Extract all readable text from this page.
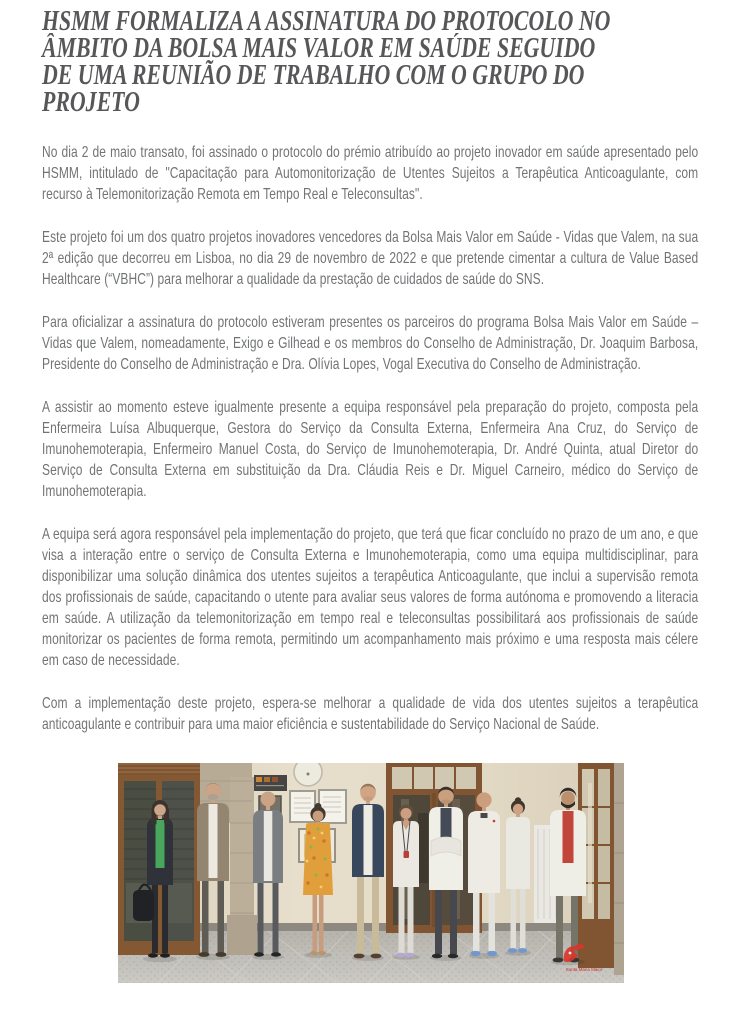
HSMM FORMALIZA A ASSINATURA DO PROTOCOLO NO
ÂMBITO DA BOLSA MAIS VALOR EM SAÚDE SEGUIDO
DE UMA REUNIÃO DE TRABALHO COM O GRUPO DO
PROJETO

No dia 2 de maio transato, foi assinado o protocolo do prémio atribuído ao projeto inovador em saúde apresentado pelo HSMM, intitulado de "Capacitação para Automonitorização de Utentes Sujeitos a Terapêutica Anticoagulante, com recurso à Telemonitorização Remota em Tempo Real e Teleconsultas".

Este projeto foi um dos quatro projetos inovadores vencedores da Bolsa Mais Valor em Saúde - Vidas que Valem, na sua 2ª edição que decorreu em Lisboa, no dia 29 de novembro de 2022 e que pretende cimentar a cultura de Value Based Healthcare (“VBHC”) para melhorar a qualidade da prestação de cuidados de saúde do SNS.

Para oficializar a assinatura do protocolo estiveram presentes os parceiros do programa Bolsa Mais Valor em Saúde – Vidas que Valem, nomeadamente, Exigo e Gilhead e os membros do Conselho de Administração, Dr. Joaquim Barbosa, Presidente do Conselho de Administração e Dra. Olívia Lopes, Vogal Executiva do Conselho de Administração.

A assistir ao momento esteve igualmente presente a equipa responsável pela preparação do projeto, composta pela Enfermeira Luísa Albuquerque, Gestora do Serviço da Consulta Externa, Enfermeira Ana Cruz, do Serviço de Imunohemoterapia, Enfermeiro Manuel Costa, do Serviço de Imunohemoterapia, Dr. André Quinta, atual Diretor do Serviço de Consulta Externa em substituição da Dra. Cláudia Reis e Dr. Miguel Carneiro, médico do Serviço de Imunohemoterapia.

A equipa será agora responsável pela implementação do projeto, que terá que ficar concluído no prazo de um ano, e que visa a interação entre o serviço de Consulta Externa e Imunohemoterapia, como uma equipa multidisciplinar, para disponibilizar uma solução dinâmica dos utentes sujeitos a terapêutica Anticoagulante, que inclui a supervisão remota dos profissionais de saúde, capacitando o utente para avaliar seus valores de forma autónoma e promovendo a literacia em saúde. A utilização da telemonitorização em tempo real e teleconsultas possibilitará aos profissionais de saúde monitorizar os pacientes de forma remota, permitindo um acompanhamento mais próximo e uma resposta mais célere em caso de necessidade.

Com a implementação deste projeto, espera-se melhorar a qualidade de vida dos utentes sujeitos a terapêutica anticoagulante e contribuir para uma maior eficiência e sustentabilidade do Serviço Nacional de Saúde.

Santa Maria Maior
